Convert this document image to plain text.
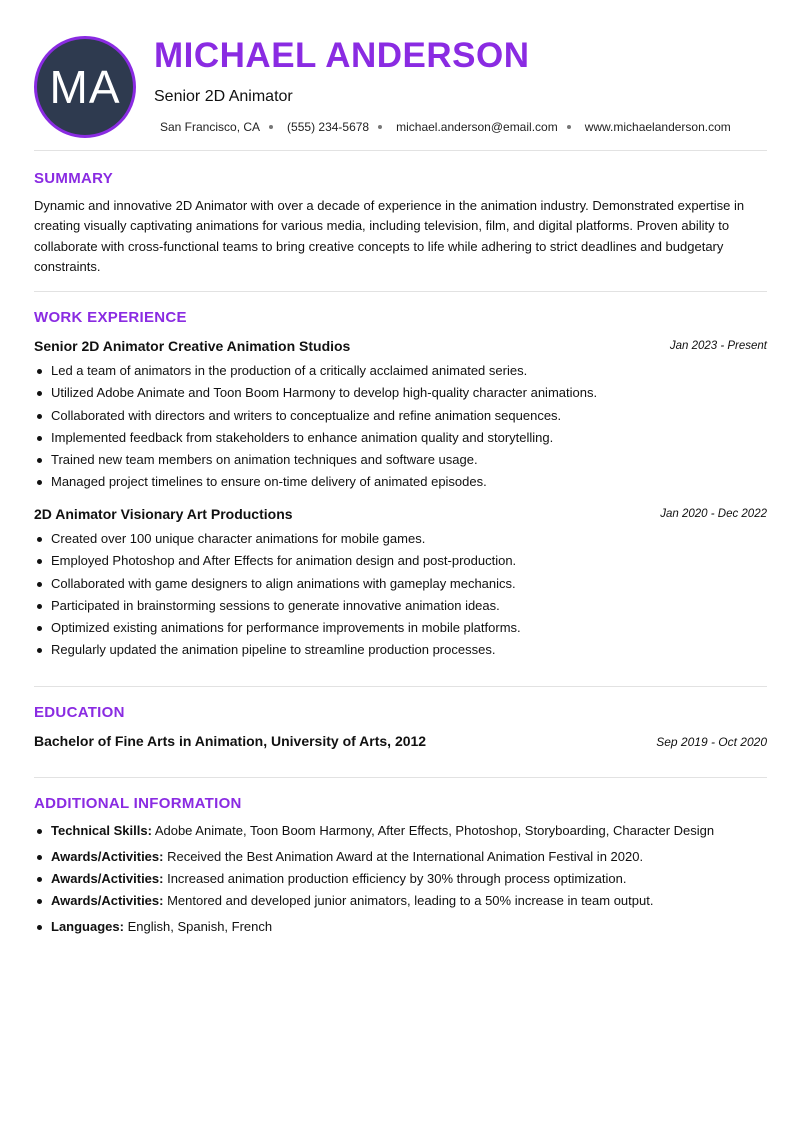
MA
MICHAEL ANDERSON
Senior 2D Animator
San Francisco, CA (555) 234-5678 michael.anderson@email.com www.michaelanderson.com
SUMMARY

Dynamic and innovative 2D Animator with over a decade of experience in the animation industry. Demonstrated expertise in creating visually captivating animations for various media, including television, film, and digital platforms. Proven ability to collaborate with cross-functional teams to bring creative concepts to life while adhering to strict deadlines and budgetary constraints.

WORK EXPERIENCE
Senior 2D Animator Creative Animation Studios	Jan 2023 - Present
Led a team of animators in the production of a critically acclaimed animated series.
Utilized Adobe Animate and Toon Boom Harmony to develop high-quality character animations.
Collaborated with directors and writers to conceptualize and refine animation sequences.
Implemented feedback from stakeholders to enhance animation quality and storytelling.
Trained new team members on animation techniques and software usage.
Managed project timelines to ensure on-time delivery of animated episodes.
2D Animator Visionary Art Productions	Jan 2020 - Dec 2022
Created over 100 unique character animations for mobile games.
Employed Photoshop and After Effects for animation design and post-production.
Collaborated with game designers to align animations with gameplay mechanics.
Participated in brainstorming sessions to generate innovative animation ideas.
Optimized existing animations for performance improvements in mobile platforms.
Regularly updated the animation pipeline to streamline production processes.
EDUCATION
Bachelor of Fine Arts in Animation, University of Arts, 2012	Sep 2019 - Oct 2020
ADDITIONAL INFORMATION
Technical Skills: Adobe Animate, Toon Boom Harmony, After Effects, Photoshop, Storyboarding, Character Design
Awards/Activities: Received the Best Animation Award at the International Animation Festival in 2020.
Awards/Activities: Increased animation production efficiency by 30% through process optimization.
Awards/Activities: Mentored and developed junior animators, leading to a 50% increase in team output.
Languages: English, Spanish, French
